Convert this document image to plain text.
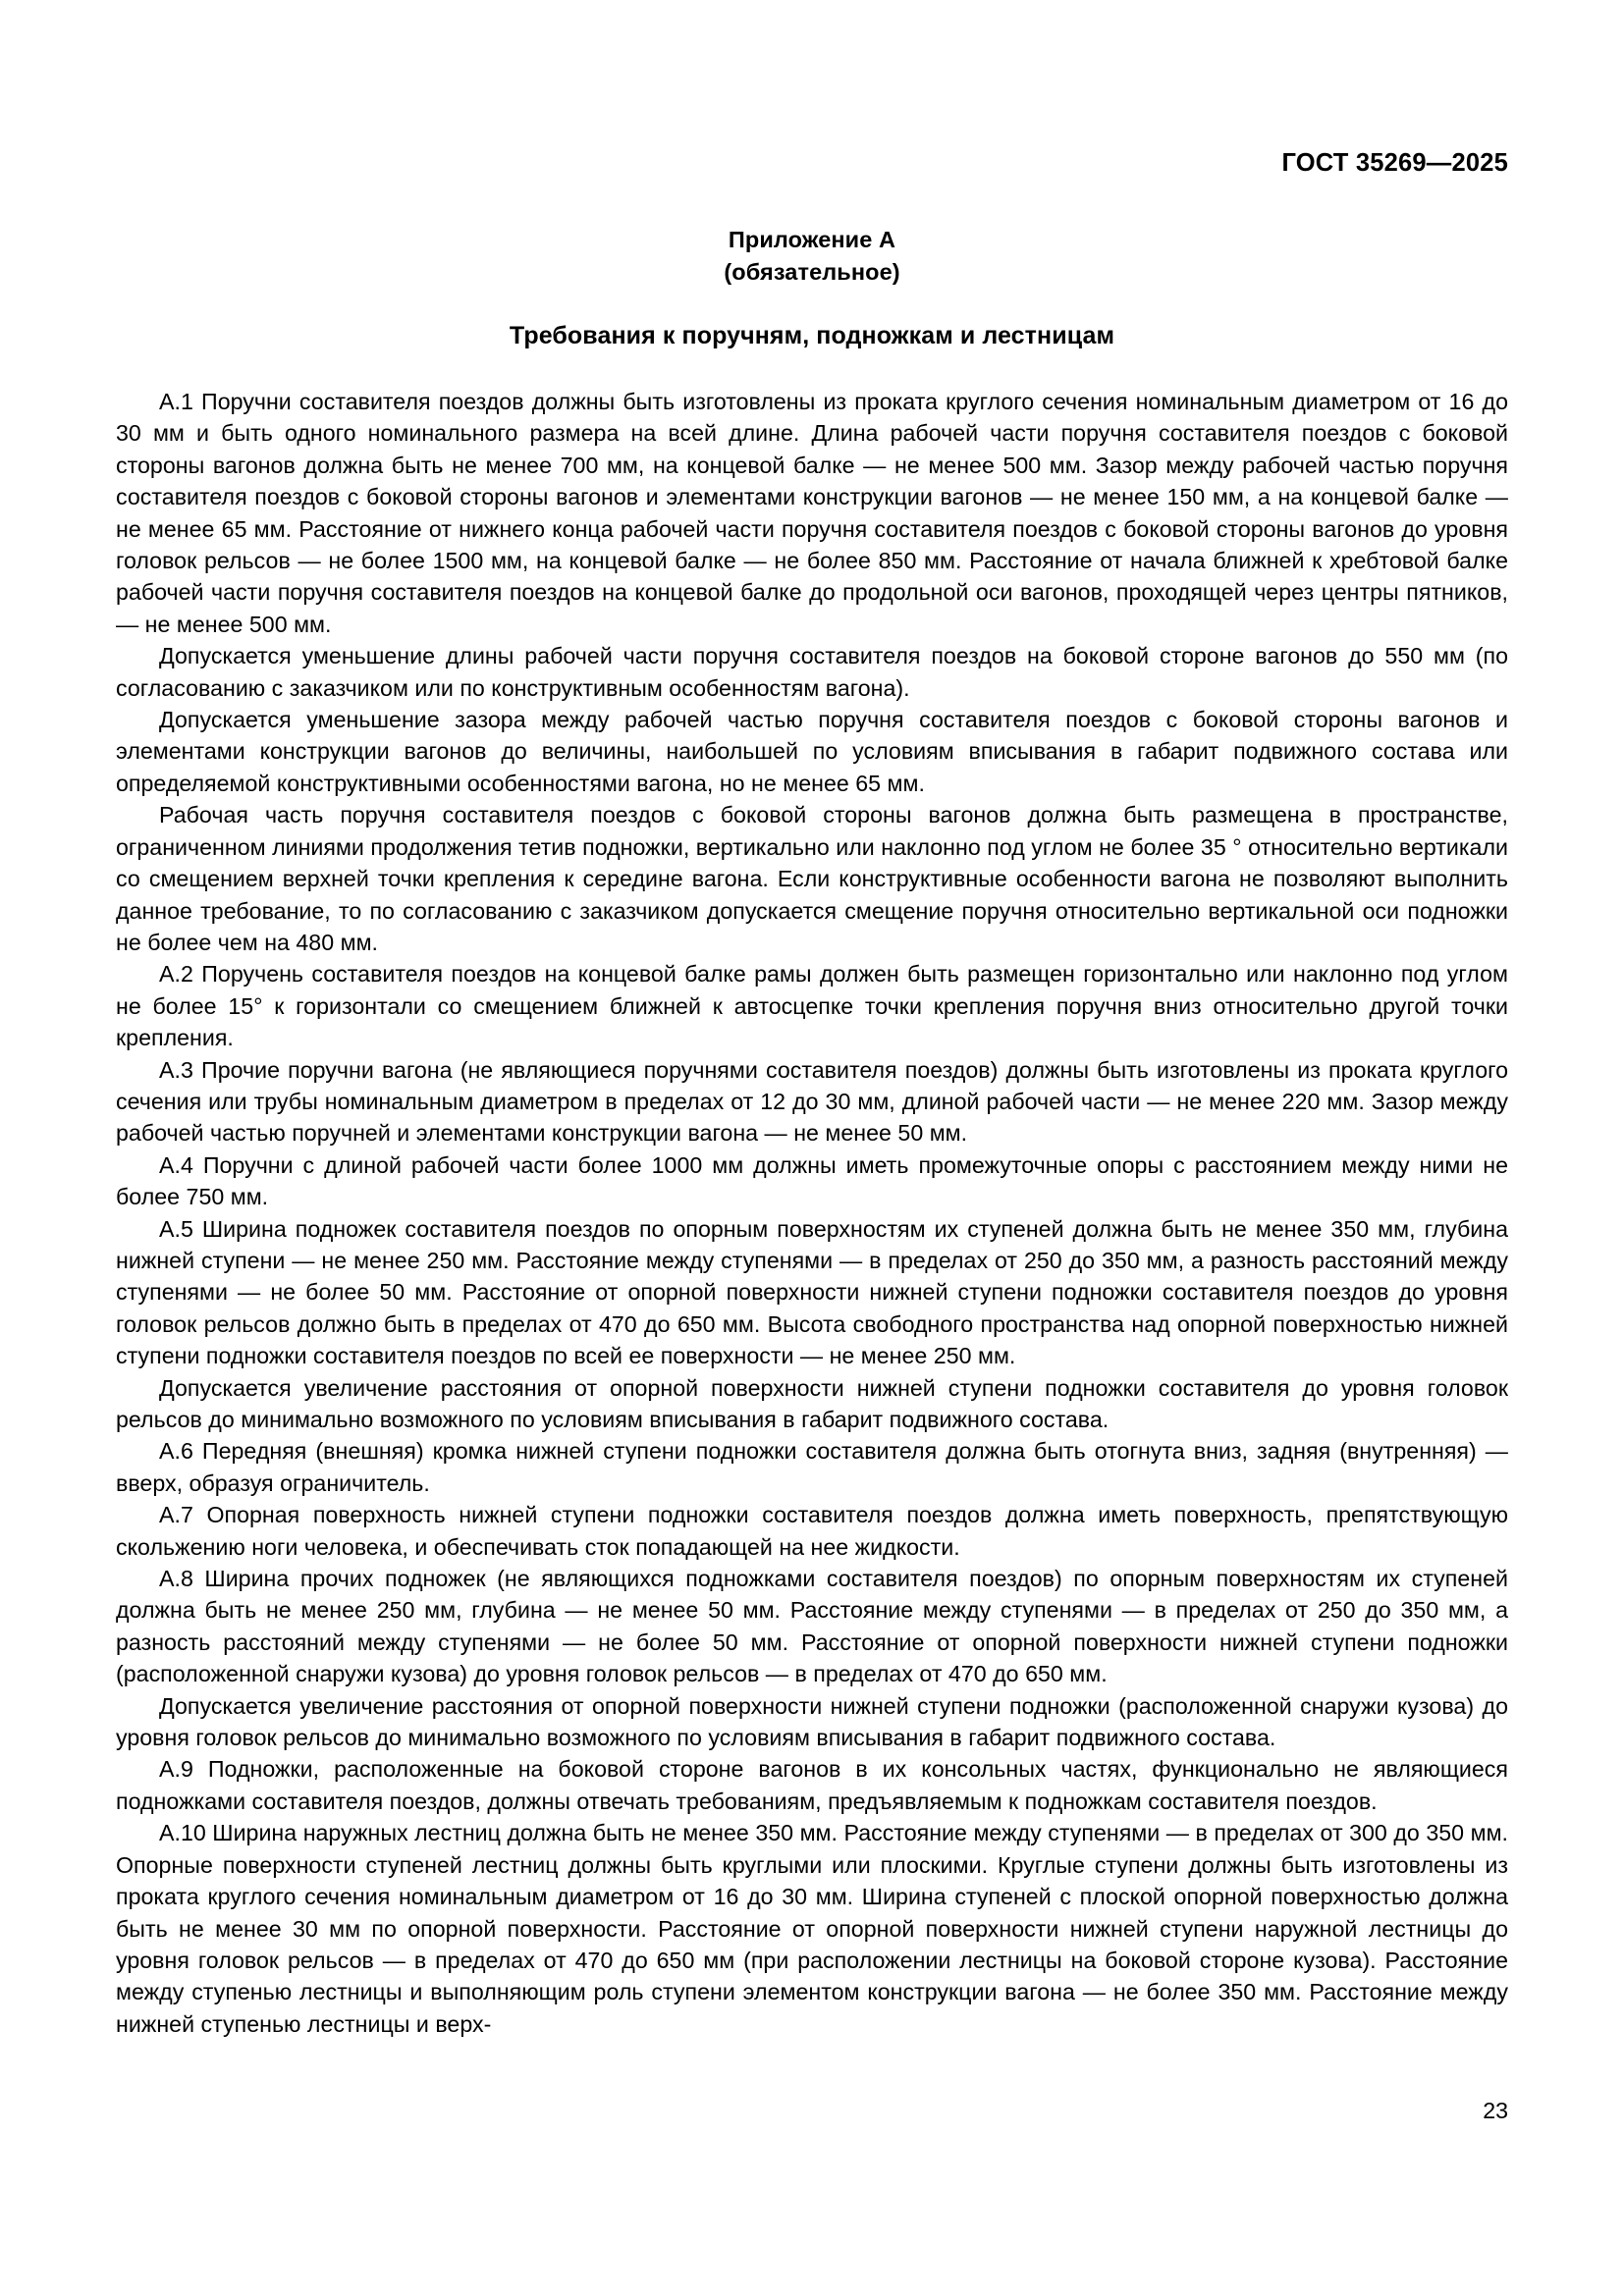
ГОСТ 35269—2025
Приложение А
(обязательное)
Требования к поручням, подножкам и лестницам

А.1 Поручни составителя поездов должны быть изготовлены из проката круглого сечения номинальным диаметром от 16 до 30 мм и быть одного номинального размера на всей длине. Длина рабочей части поручня составителя поездов с боковой стороны вагонов должна быть не менее 700 мм, на концевой балке — не менее 500 мм. Зазор между рабочей частью поручня составителя поездов с боковой стороны вагонов и элементами конструкции вагонов — не менее 150 мм, а на концевой балке — не менее 65 мм. Расстояние от нижнего конца рабочей части поручня составителя поездов с боковой стороны вагонов до уровня головок рельсов — не более 1500 мм, на концевой балке — не более 850 мм. Расстояние от начала ближней к хребтовой балке рабочей части поручня составителя поездов на концевой балке до продольной оси вагонов, проходящей через центры пятников, — не менее 500 мм.

Допускается уменьшение длины рабочей части поручня составителя поездов на боковой стороне вагонов до 550 мм (по согласованию с заказчиком или по конструктивным особенностям вагона).

Допускается уменьшение зазора между рабочей частью поручня составителя поездов с боковой стороны вагонов и элементами конструкции вагонов до величины, наибольшей по условиям вписывания в габарит подвижного состава или определяемой конструктивными особенностями вагона, но не менее 65 мм.

Рабочая часть поручня составителя поездов с боковой стороны вагонов должна быть размещена в пространстве, ограниченном линиями продолжения тетив подножки, вертикально или наклонно под углом не более 35 ° относительно вертикали со смещением верхней точки крепления к середине вагона. Если конструктивные особенности вагона не позволяют выполнить данное требование, то по согласованию с заказчиком допускается смещение поручня относительно вертикальной оси подножки не более чем на 480 мм.

А.2 Поручень составителя поездов на концевой балке рамы должен быть размещен горизонтально или наклонно под углом не более 15° к горизонтали со смещением ближней к автосцепке точки крепления поручня вниз относительно другой точки крепления.

А.3 Прочие поручни вагона (не являющиеся поручнями составителя поездов) должны быть изготовлены из проката круглого сечения или трубы номинальным диаметром в пределах от 12 до 30 мм, длиной рабочей части — не менее 220 мм. Зазор между рабочей частью поручней и элементами конструкции вагона — не менее 50 мм.

А.4 Поручни с длиной рабочей части более 1000 мм должны иметь промежуточные опоры с расстоянием между ними не более 750 мм.

А.5 Ширина подножек составителя поездов по опорным поверхностям их ступеней должна быть не менее 350 мм, глубина нижней ступени — не менее 250 мм. Расстояние между ступенями — в пределах от 250 до 350 мм, а разность расстояний между ступенями — не более 50 мм. Расстояние от опорной поверхности нижней ступени подножки составителя поездов до уровня головок рельсов должно быть в пределах от 470 до 650 мм. Высота свободного пространства над опорной поверхностью нижней ступени подножки составителя поездов по всей ее поверхности — не менее 250 мм.

Допускается увеличение расстояния от опорной поверхности нижней ступени подножки составителя до уровня головок рельсов до минимально возможного по условиям вписывания в габарит подвижного состава.

А.6 Передняя (внешняя) кромка нижней ступени подножки составителя должна быть отогнута вниз, задняя (внутренняя) — вверх, образуя ограничитель.

А.7 Опорная поверхность нижней ступени подножки составителя поездов должна иметь поверхность, препятствующую скольжению ноги человека, и обеспечивать сток попадающей на нее жидкости.

А.8 Ширина прочих подножек (не являющихся подножками составителя поездов) по опорным поверхностям их ступеней должна быть не менее 250 мм, глубина — не менее 50 мм. Расстояние между ступенями — в пределах от 250 до 350 мм, а разность расстояний между ступенями — не более 50 мм. Расстояние от опорной поверхности нижней ступени подножки (расположенной снаружи кузова) до уровня головок рельсов — в пределах от 470 до 650 мм.

Допускается увеличение расстояния от опорной поверхности нижней ступени подножки (расположенной снаружи кузова) до уровня головок рельсов до минимально возможного по условиям вписывания в габарит подвижного состава.

А.9 Подножки, расположенные на боковой стороне вагонов в их консольных частях, функционально не являющиеся подножками составителя поездов, должны отвечать требованиям, предъявляемым к подножкам составителя поездов.

А.10 Ширина наружных лестниц должна быть не менее 350 мм. Расстояние между ступенями — в пределах от 300 до 350 мм. Опорные поверхности ступеней лестниц должны быть круглыми или плоскими. Круглые ступени должны быть изготовлены из проката круглого сечения номинальным диаметром от 16 до 30 мм. Ширина ступеней с плоской опорной поверхностью должна быть не менее 30 мм по опорной поверхности. Расстояние от опорной поверхности нижней ступени наружной лестницы до уровня головок рельсов — в пределах от 470 до 650 мм (при расположении лестницы на боковой стороне кузова). Расстояние между ступенью лестницы и выполняющим роль ступени элементом конструкции вагона — не более 350 мм. Расстояние между нижней ступенью лестницы и верх-

23
